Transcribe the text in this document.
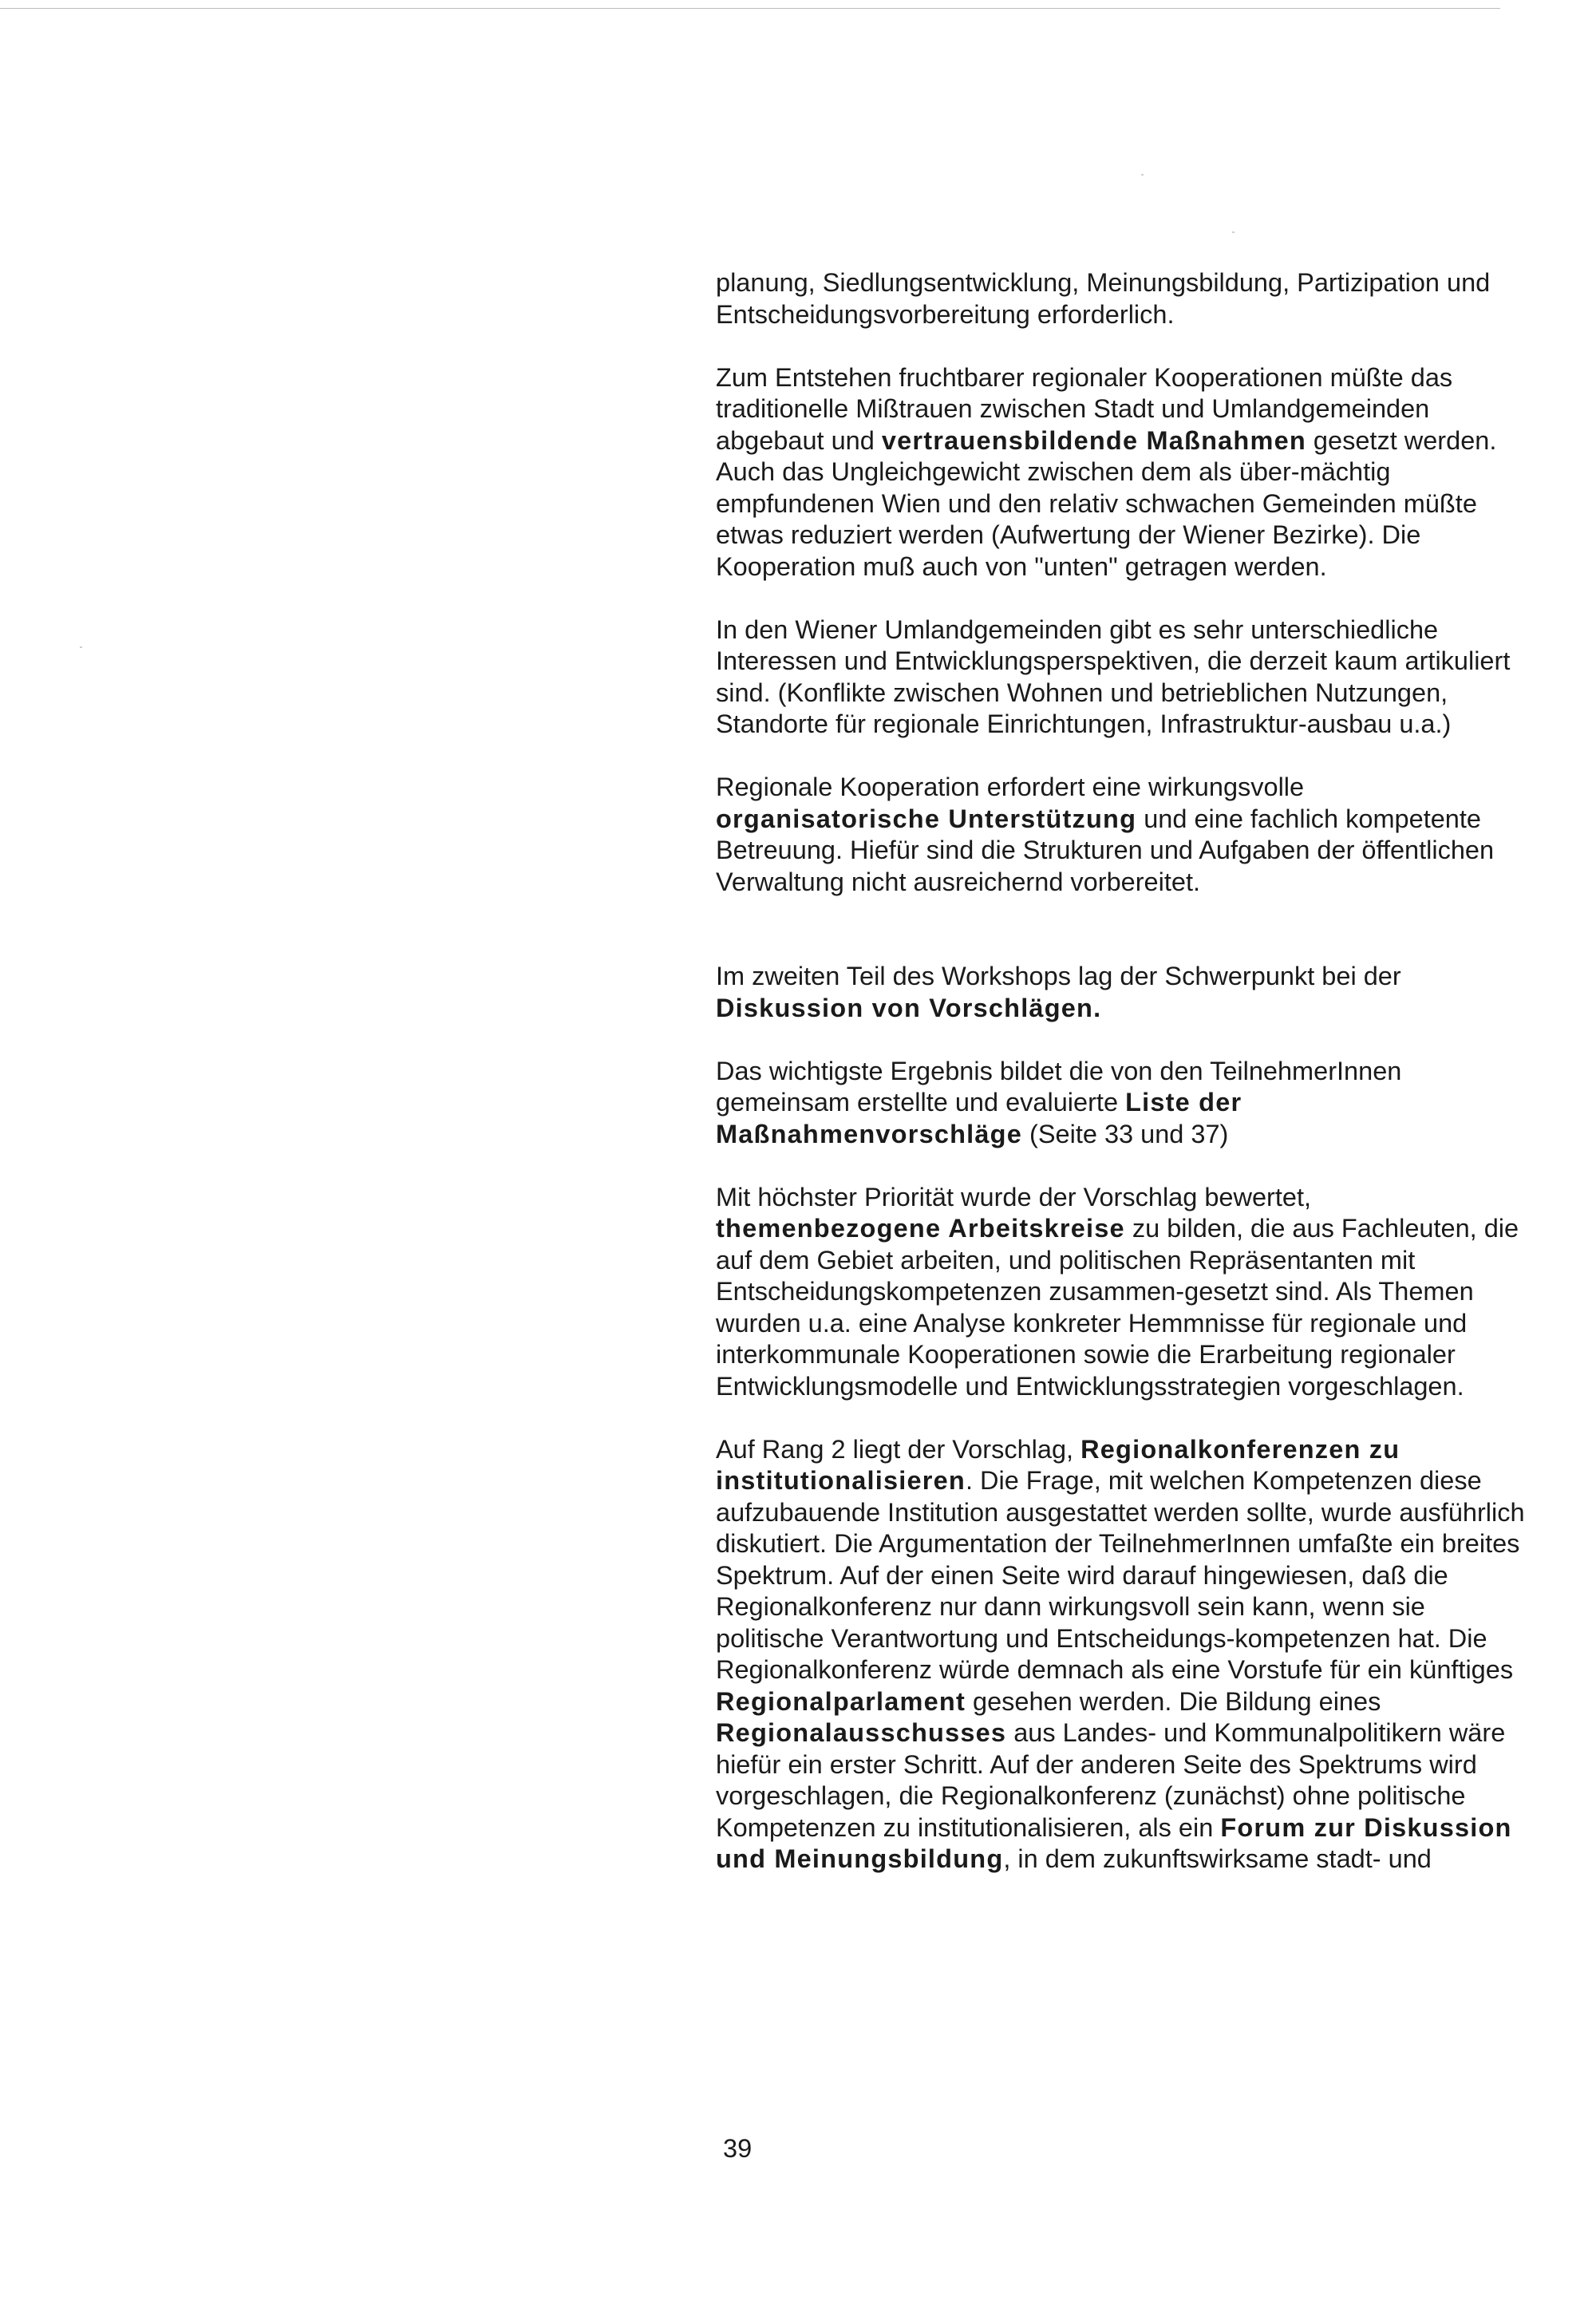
planung, Siedlungsentwicklung, Meinungsbildung, Partizipation und Entscheidungsvorbereitung erforderlich.

Zum Entstehen fruchtbarer regionaler Kooperationen müßte das traditionelle Mißtrauen zwischen Stadt und Umlandgemeinden abgebaut und vertrauensbildende Maßnahmen gesetzt werden. Auch das Ungleichgewicht zwischen dem als über-mächtig empfundenen Wien und den relativ schwachen Gemeinden müßte etwas reduziert werden (Aufwertung der Wiener Bezirke). Die Kooperation muß auch von "unten" getragen werden.

In den Wiener Umlandgemeinden gibt es sehr unterschiedliche Interessen und Entwicklungsperspektiven, die derzeit kaum artikuliert sind. (Konflikte zwischen Wohnen und betrieblichen Nutzungen, Standorte für regionale Einrichtungen, Infrastruktur-ausbau u.a.)

Regionale Kooperation erfordert eine wirkungsvolle organisatorische Unterstützung und eine fachlich kompetente Betreuung. Hiefür sind die Strukturen und Aufgaben der öffentlichen Verwaltung nicht ausreichernd vorbereitet.

Im zweiten Teil des Workshops lag der Schwerpunkt bei der Diskussion von Vorschlägen.

Das wichtigste Ergebnis bildet die von den TeilnehmerInnen gemeinsam erstellte und evaluierte Liste der Maßnahmenvorschläge (Seite 33 und 37)

Mit höchster Priorität wurde der Vorschlag bewertet, themenbezogene Arbeitskreise zu bilden, die aus Fachleuten, die auf dem Gebiet arbeiten, und politischen Repräsentanten mit Entscheidungskompetenzen zusammen-gesetzt sind. Als Themen wurden u.a. eine Analyse konkreter Hemmnisse für regionale und interkommunale Kooperationen sowie die Erarbeitung regionaler Entwicklungsmodelle und Entwicklungsstrategien vorgeschlagen.

Auf Rang 2 liegt der Vorschlag, Regionalkonferenzen zu institutionalisieren. Die Frage, mit welchen Kompetenzen diese aufzubauende Institution ausgestattet werden sollte, wurde ausführlich diskutiert. Die Argumentation der TeilnehmerInnen umfaßte ein breites Spektrum. Auf der einen Seite wird darauf hingewiesen, daß die Regionalkonferenz nur dann wirkungsvoll sein kann, wenn sie politische Verantwortung und Entscheidungs-kompetenzen hat. Die Regionalkonferenz würde demnach als eine Vorstufe für ein künftiges Regionalparlament gesehen werden. Die Bildung eines Regionalausschusses aus Landes- und Kommunalpolitikern wäre hiefür ein erster Schritt. Auf der anderen Seite des Spektrums wird vorgeschlagen, die Regionalkonferenz (zunächst) ohne politische Kompetenzen zu institutionalisieren, als ein Forum zur Diskussion und Meinungsbildung, in dem zukunftswirksame stadt- und

39
